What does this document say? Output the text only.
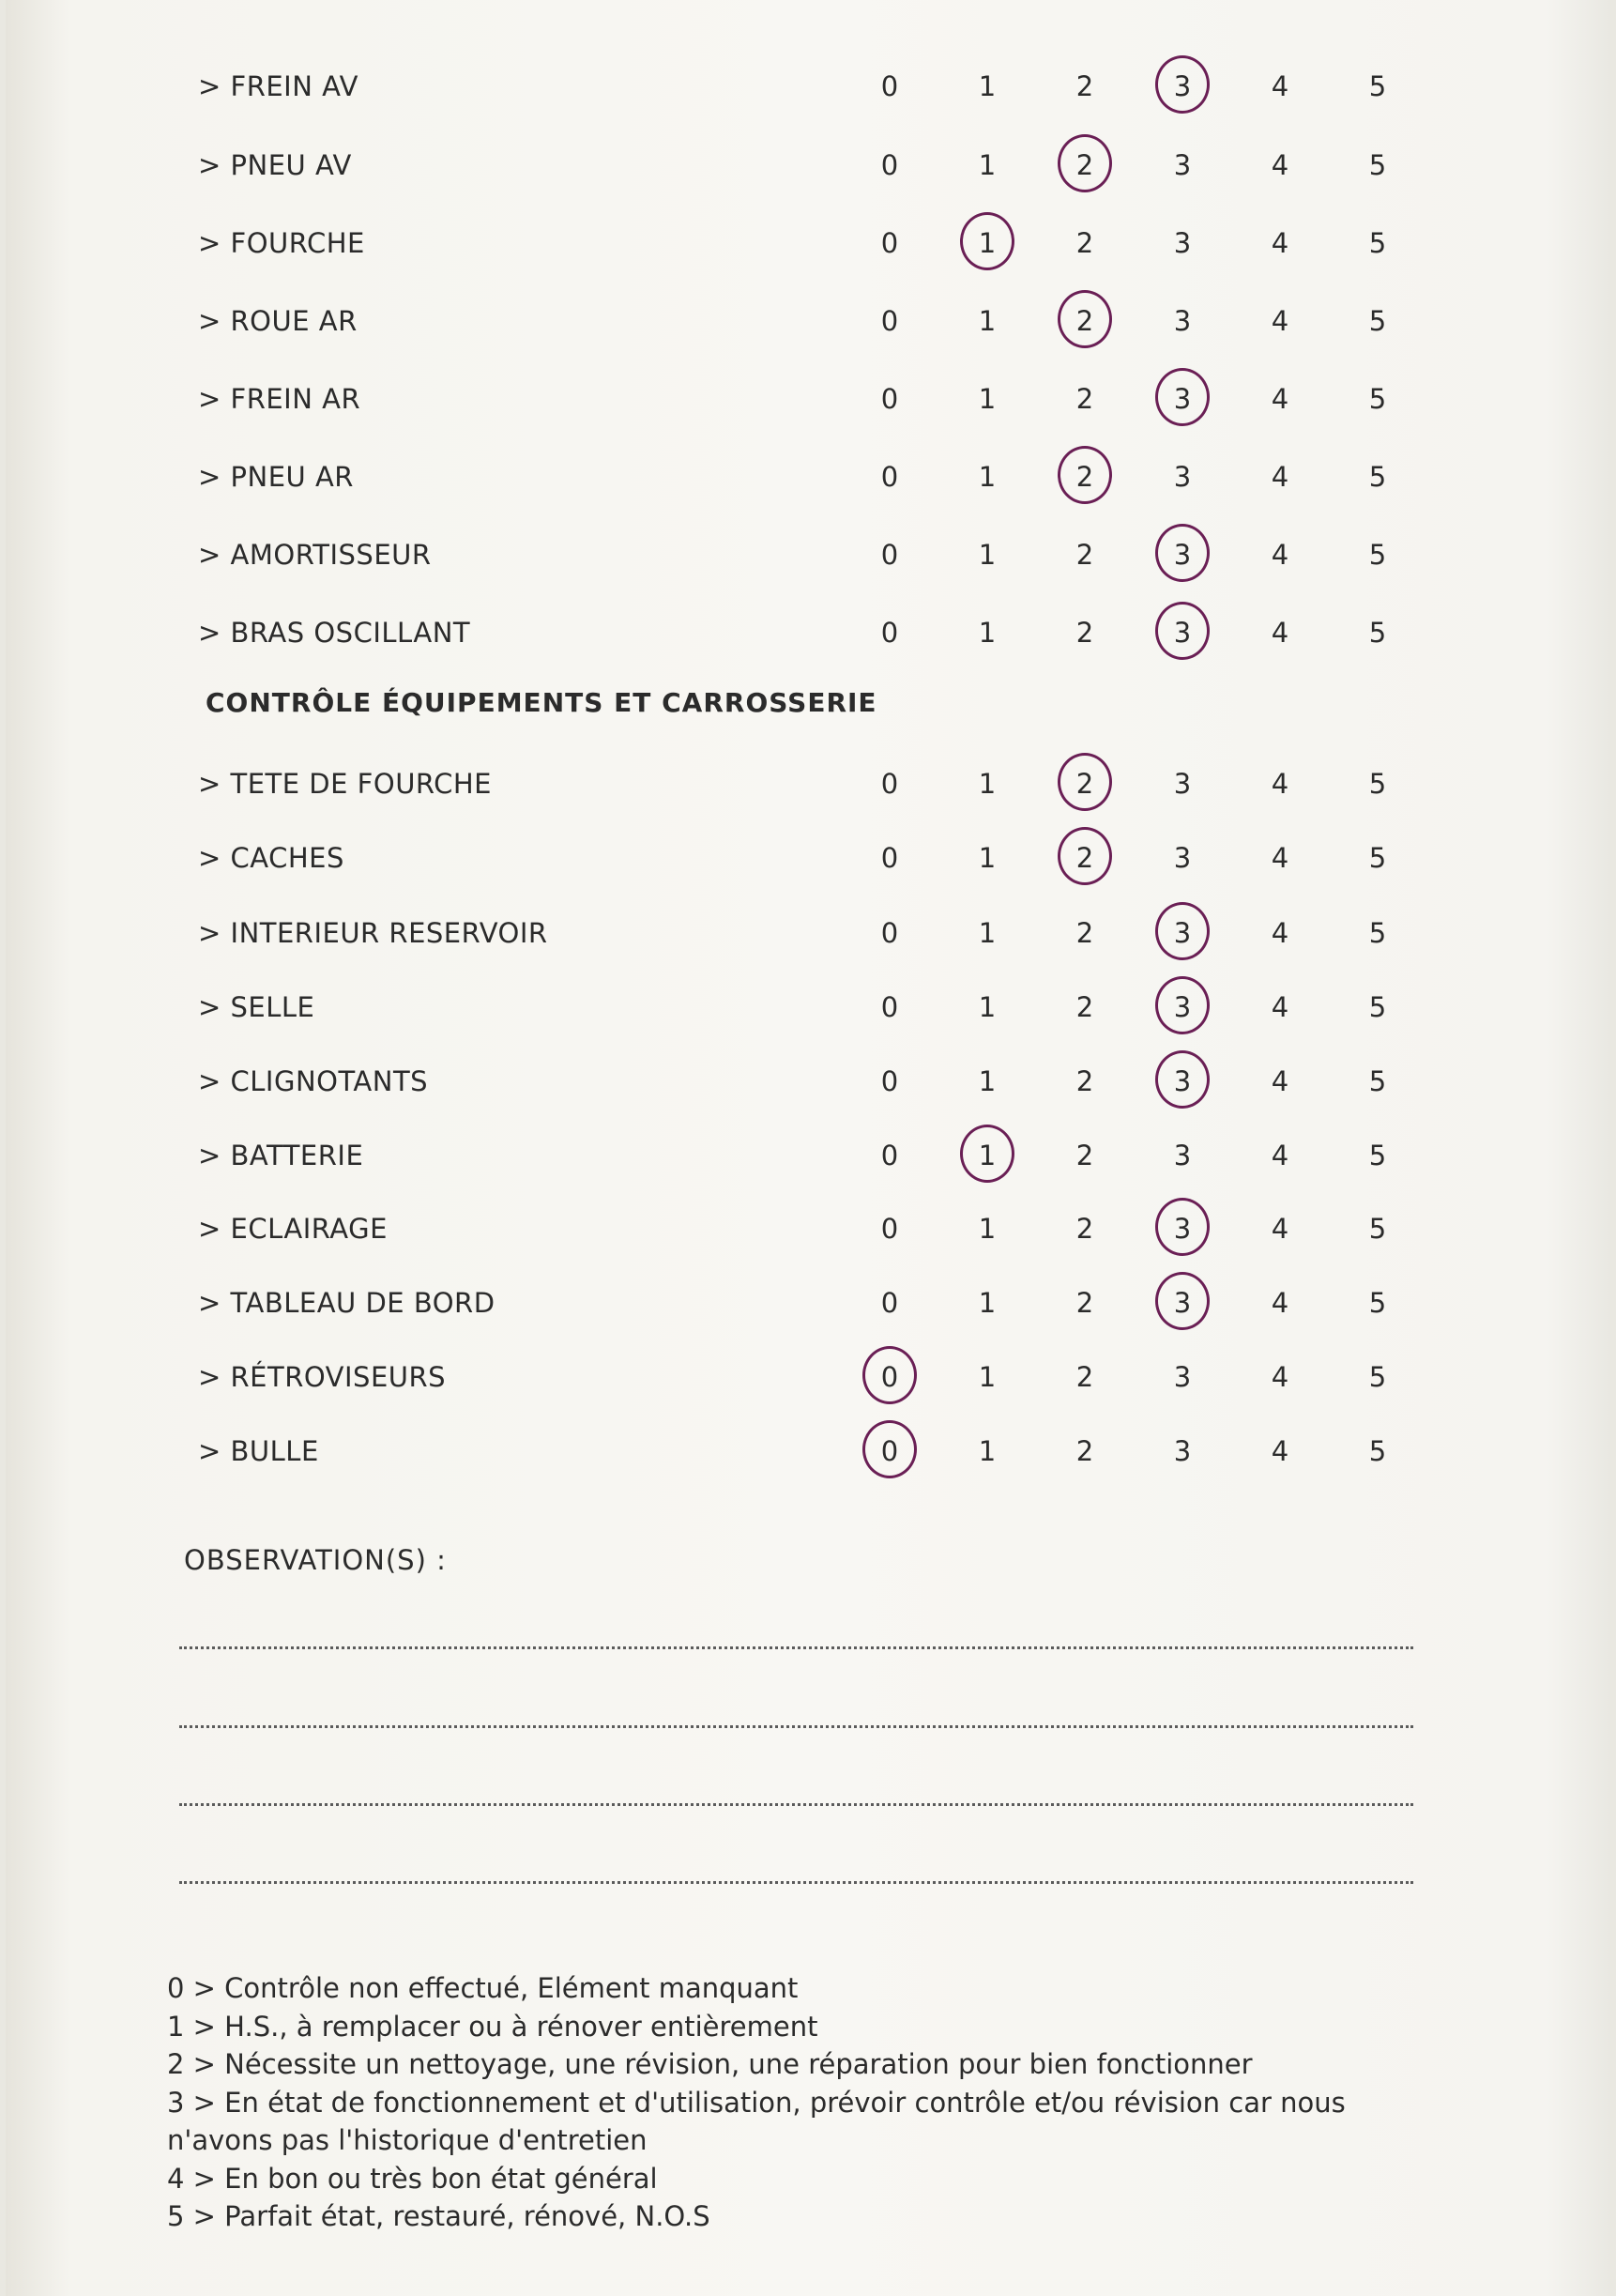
> FREIN AV	0	1	2	3	4	5
> PNEU AV	0	1	2	3	4	5
> FOURCHE	0	1	2	3	4	5
> ROUE AR	0	1	2	3	4	5
> FREIN AR	0	1	2	3	4	5
> PNEU AR	0	1	2	3	4	5
> AMORTISSEUR	0	1	2	3	4	5
> BRAS OSCILLANT	0	1	2	3	4	5
> TETE DE FOURCHE	0	1	2	3	4	5
> CACHES	0	1	2	3	4	5
> INTERIEUR RESERVOIR	0	1	2	3	4	5
> SELLE	0	1	2	3	4	5
> CLIGNOTANTS	0	1	2	3	4	5
> BATTERIE	0	1	2	3	4	5
> ECLAIRAGE	0	1	2	3	4	5
> TABLEAU DE BORD	0	1	2	3	4	5
> RÉTROVISEURS	0	1	2	3	4	5
> BULLE	0	1	2	3	4	5
CONTRÔLE ÉQUIPEMENTS ET CARROSSERIE
OBSERVATION(S) :
0 > Contrôle non effectué, Elément manquant
1 > H.S., à remplacer ou à rénover entièrement
2 > Nécessite un nettoyage, une révision, une réparation pour bien fonctionner
3 > En état de fonctionnement et d'utilisation, prévoir contrôle et/ou révision car nous
n'avons pas l'historique d'entretien
4 > En bon ou très bon état général
5 > Parfait état, restauré, rénové, N.O.S
